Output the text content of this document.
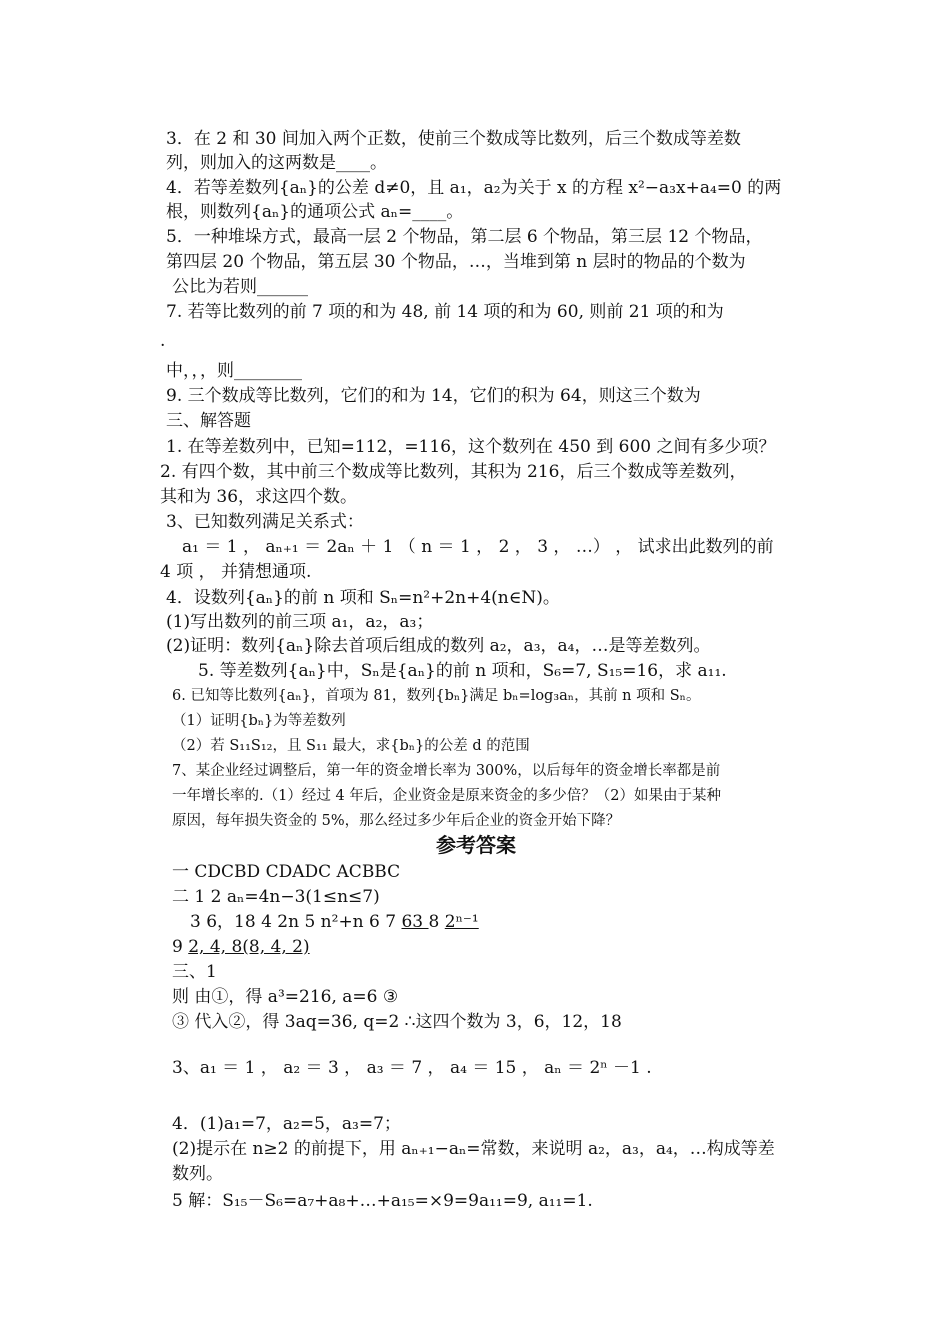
3．在 2 和 30 间加入两个正数，使前三个数成等比数列，后三个数成等差数
列，则加入的这两数是____。
4．若等差数列{aₙ}的公差 d≠0，且 a₁，a₂为关于 x 的方程 x²−a₃x+a₄=0 的两
根，则数列{aₙ}的通项公式 aₙ=____。
5．一种堆垛方式，最高一层 2 个物品，第二层 6 个物品，第三层 12 个物品，
第四层 20 个物品，第五层 30 个物品，…，当堆到第 n 层时的物品的个数为
公比为若则______
7. 若等比数列的前 7 项的和为 48, 前 14 项的和为 60, 则前 21 项的和为
.
中，，，则________
9. 三个数成等比数列，它们的和为 14，它们的积为 64，则这三个数为
三、解答题
1. 在等差数列中，已知=112，=116，这个数列在 450 到 600 之间有多少项？
2. 有四个数，其中前三个数成等比数列，其积为 216，后三个数成等差数列，
其和为 36，求这四个数。
3、已知数列满足关系式：
a₁ ＝ 1 ， aₙ₊₁ ＝ 2aₙ ＋ 1 （ n ＝ 1 ， 2 ， 3 ， …） ， 试求出此数列的前
4 项 ， 并猜想通项.
4．设数列{aₙ}的前 n 项和 Sₙ=n²+2n+4(n∈N)。
(1)写出数列的前三项 a₁，a₂，a₃；
(2)证明：数列{aₙ}除去首项后组成的数列 a₂，a₃，a₄，…是等差数列。
5. 等差数列{aₙ}中，Sₙ是{aₙ}的前 n 项和，S₆=7, S₁₅=16，求 a₁₁.
6. 已知等比数列{aₙ}，首项为 81，数列{bₙ}满足 bₙ=log₃aₙ，其前 n 项和 Sₙ。
（1）证明{bₙ}为等差数列
（2）若 S₁₁S₁₂，且 S₁₁ 最大，求{bₙ}的公差 d 的范围
7、某企业经过调整后，第一年的资金增长率为 300%，以后每年的资金增长率都是前
一年增长率的.（1）经过 4 年后，企业资金是原来资金的多少倍？（2）如果由于某种
原因，每年损失资金的 5%，那么经过多少年后企业的资金开始下降？
参考答案
一 CDCBD CDADC ACBBC
二 1 2 aₙ=4n−3(1≤n≤7)
3 6，18 4 2n 5 n²+n 6 7 63 8 2ⁿ⁻¹
9 2, 4, 8(8, 4, 2)
三、1
则 由①，得 a³=216, a=6 ③
③ 代入②，得 3aq=36, q=2 ∴这四个数为 3，6，12，18
3、a₁ ＝ 1 ， a₂ ＝ 3 ， a₃ ＝ 7 ， a₄ ＝ 15 ， aₙ ＝ 2ⁿ －1 .
4．(1)a₁=7，a₂=5，a₃=7；
(2)提示在 n≥2 的前提下，用 aₙ₊₁−aₙ=常数，来说明 a₂，a₃，a₄，…构成等差
数列。
5 解：S₁₅－S₆=a₇+a₈+…+a₁₅=×9=9a₁₁=9, a₁₁=1.
